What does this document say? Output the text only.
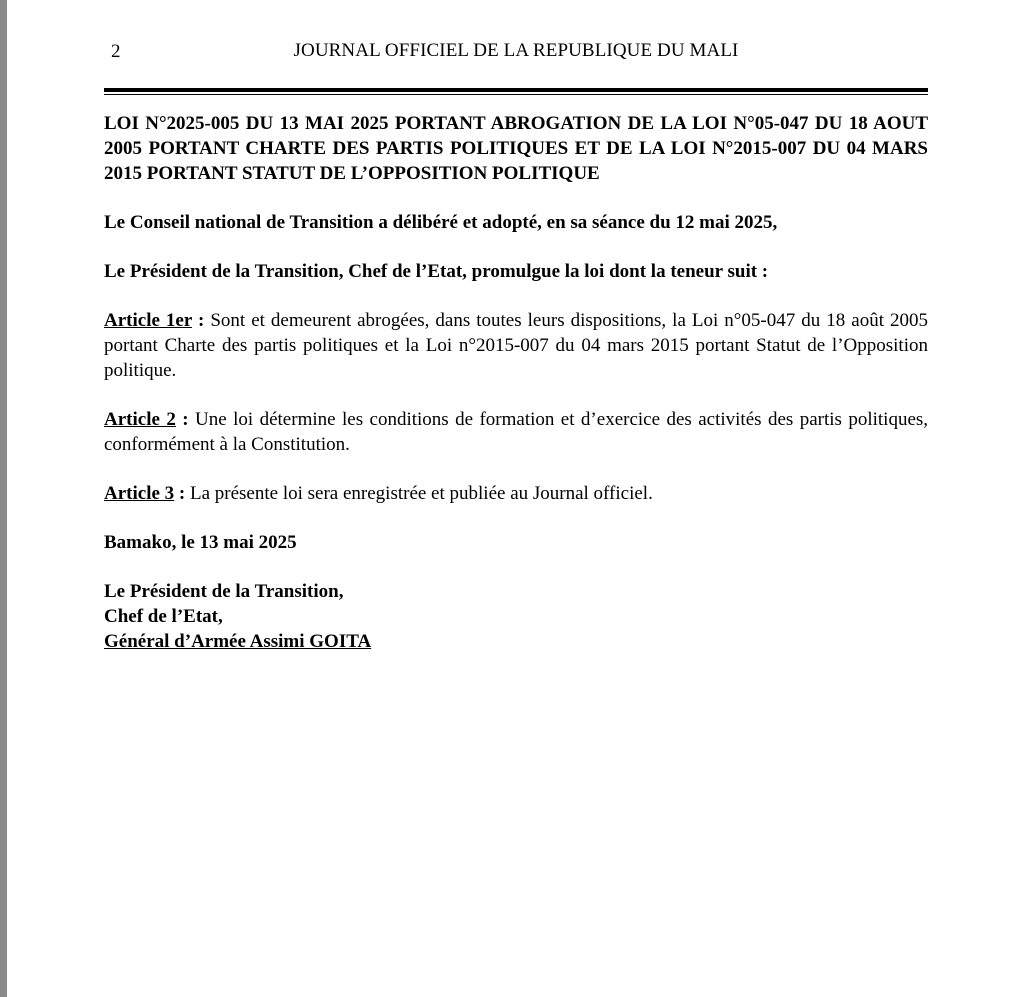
2	JOURNAL OFFICIEL DE LA REPUBLIQUE DU MALI

LOI N°2025-005 DU 13 MAI 2025 PORTANT ABROGATION DE LA LOI N°05-047 DU 18 AOUT 2005 PORTANT CHARTE DES PARTIS POLITIQUES ET DE LA LOI N°2015-007 DU 04 MARS 2015 PORTANT STATUT DE L’OPPOSITION POLITIQUE

Le Conseil national de Transition a délibéré et adopté, en sa séance du 12 mai 2025,

Le Président de la Transition, Chef de l’Etat, promulgue la loi dont la teneur suit :

Article 1er : Sont et demeurent abrogées, dans toutes leurs dispositions, la Loi n°05-047 du 18 août 2005 portant Charte des partis politiques et la Loi n°2015-007 du 04 mars 2015 portant Statut de l’Opposition politique.

Article 2 : Une loi détermine les conditions de formation et d’exercice des activités des partis politiques, conformément à la Constitution.

Article 3 : La présente loi sera enregistrée et publiée au Journal officiel.

Bamako, le 13 mai 2025

Le Président de la Transition,

Chef de l’Etat,

Général d’Armée Assimi GOITA
